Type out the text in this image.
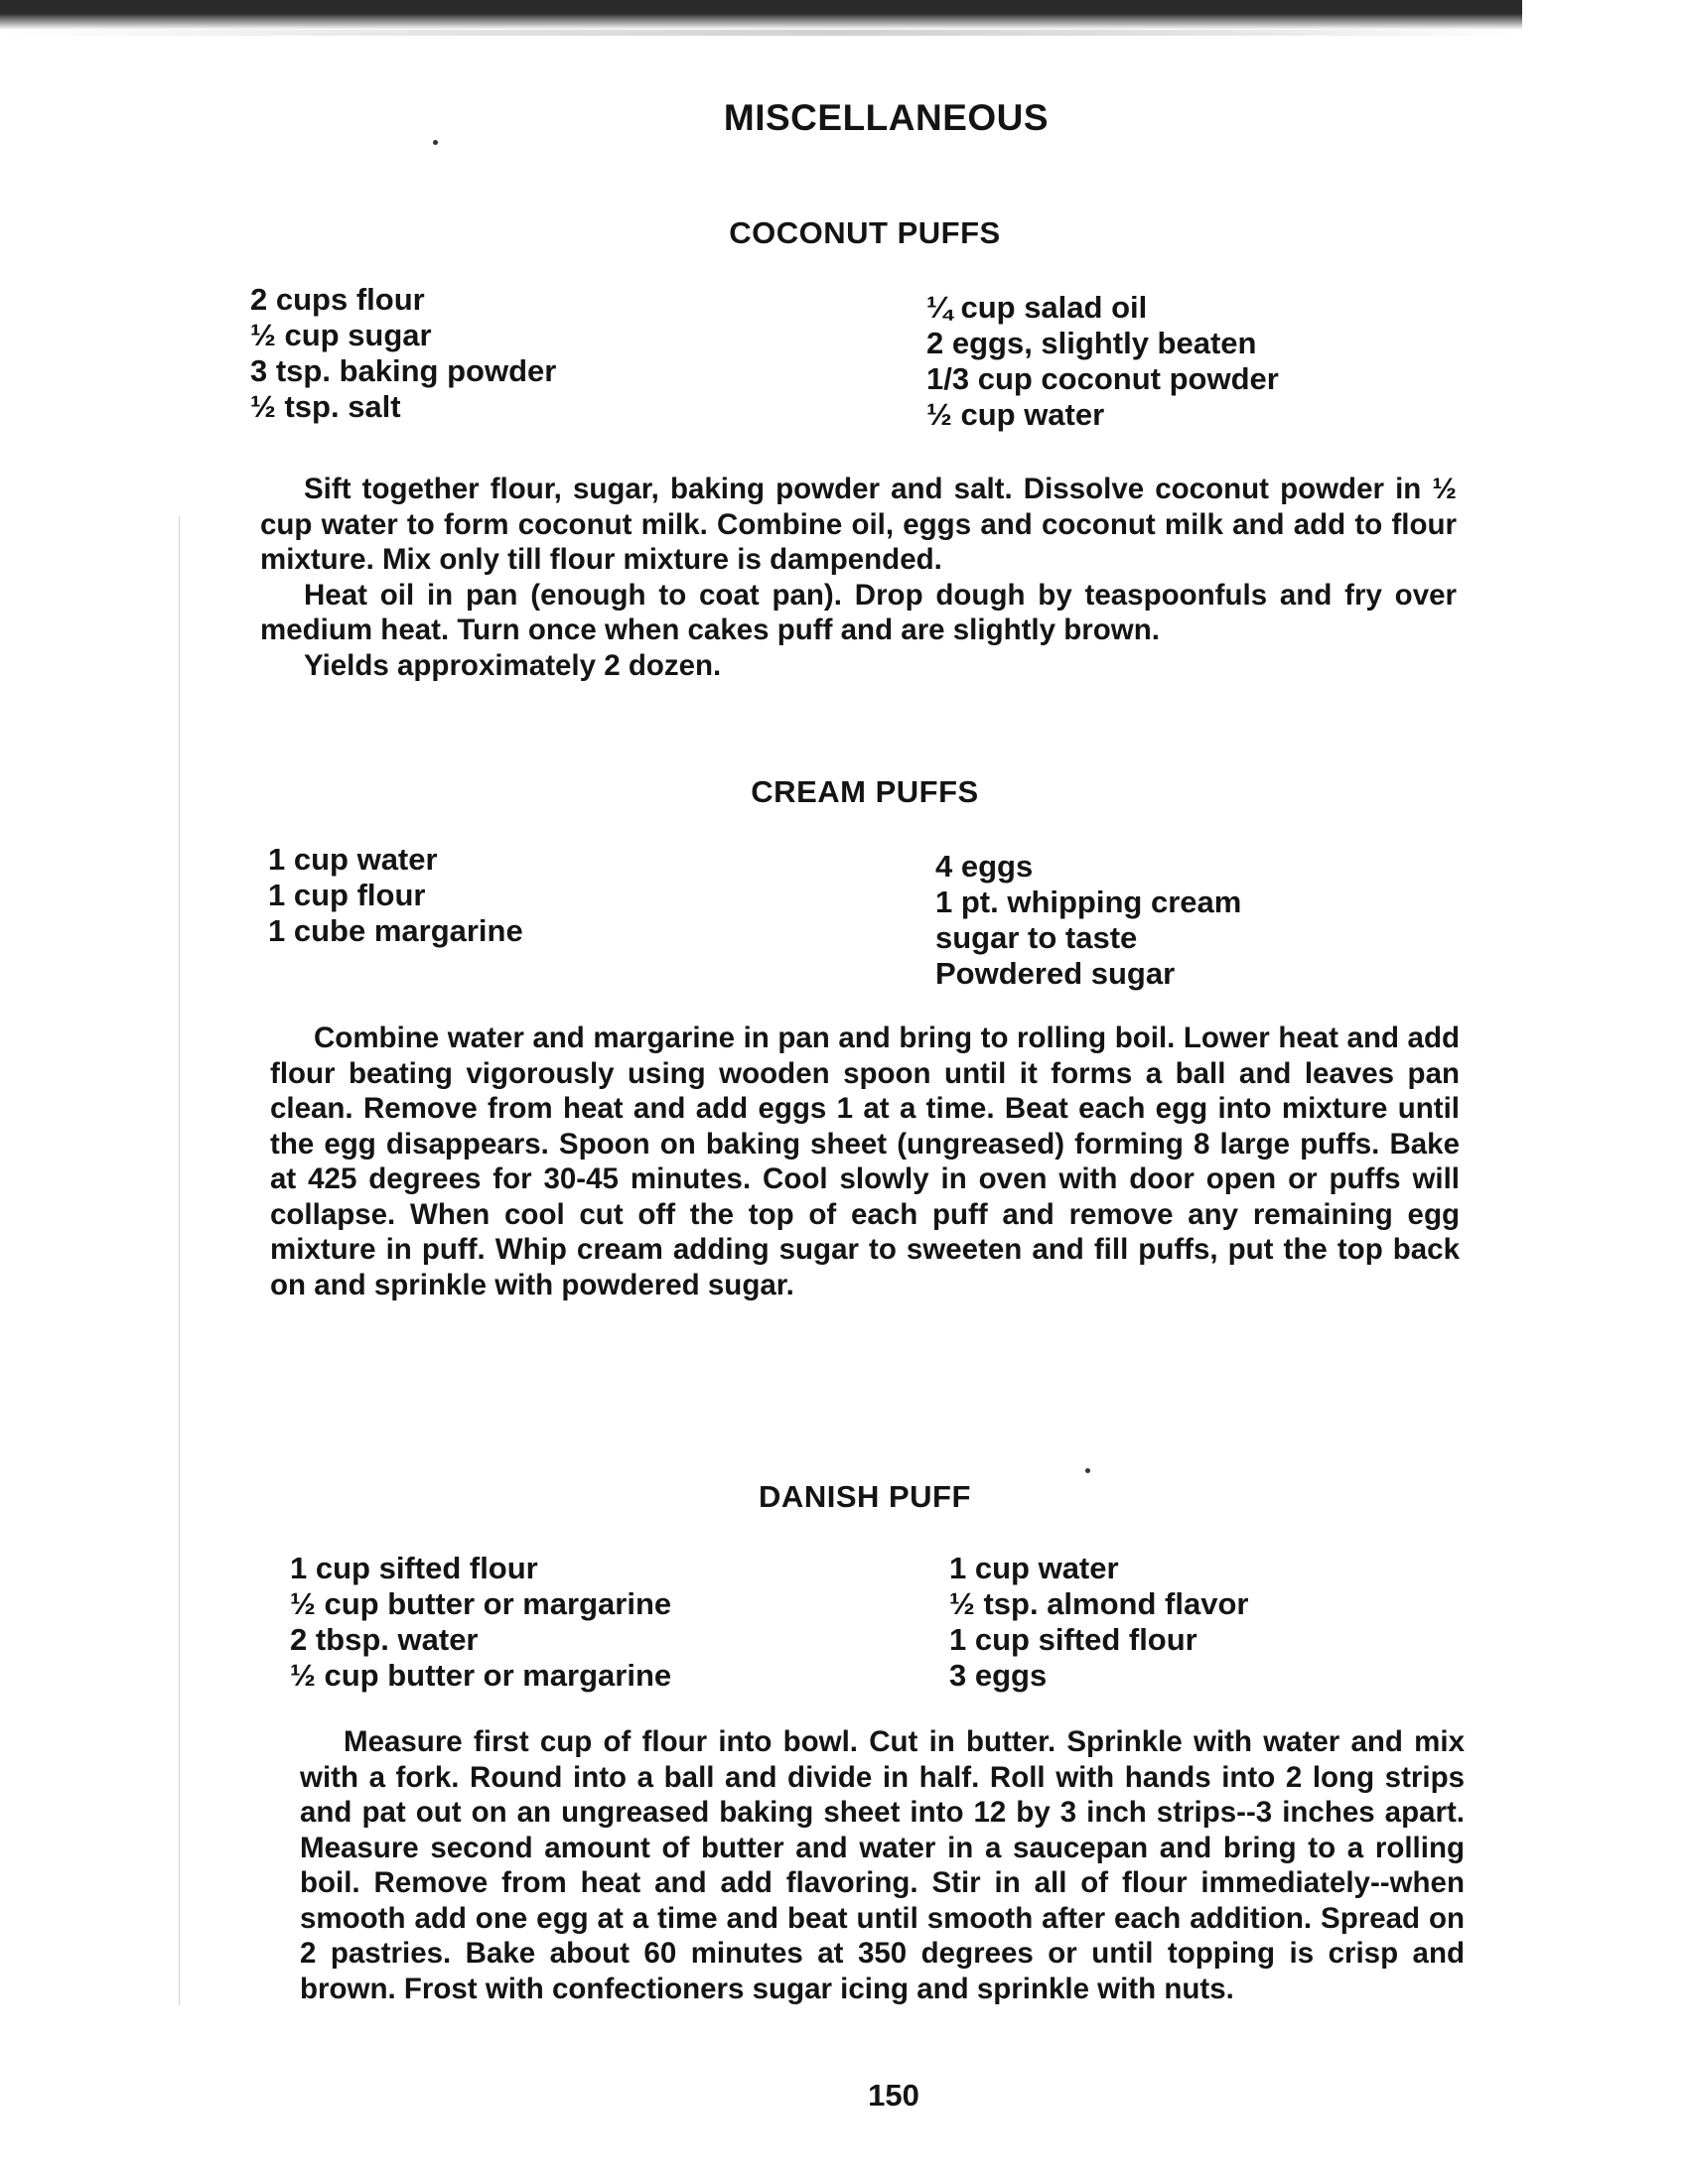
MISCELLANEOUS
COCONUT PUFFS
2 cups flour
½ cup sugar
3 tsp. baking powder
½ tsp. salt
¼ cup salad oil
2 eggs, slightly beaten
1/3 cup coconut powder
½ cup water

Sift together flour, sugar, baking powder and salt. Dissolve coconut powder in ½ cup water to form coconut milk. Combine oil, eggs and coconut milk and add to flour mixture. Mix only till flour mixture is dampended.

Heat oil in pan (enough to coat pan). Drop dough by teaspoonfuls and fry over medium heat. Turn once when cakes puff and are slightly brown.

Yields approximately 2 dozen.

CREAM PUFFS
1 cup water
1 cup flour
1 cube margarine
4 eggs
1 pt. whipping cream
sugar to taste
Powdered sugar

Combine water and margarine in pan and bring to rolling boil. Lower heat and add flour beating vigorously using wooden spoon until it forms a ball and leaves pan clean. Remove from heat and add eggs 1 at a time. Beat each egg into mixture until the egg disappears. Spoon on baking sheet (ungreased) forming 8 large puffs. Bake at 425 degrees for 30-45 minutes. Cool slowly in oven with door open or puffs will collapse. When cool cut off the top of each puff and remove any remaining egg mixture in puff. Whip cream adding sugar to sweeten and fill puffs, put the top back on and sprinkle with powdered sugar.

DANISH PUFF
1 cup sifted flour
½ cup butter or margarine
2 tbsp. water
½ cup butter or margarine
1 cup water
½ tsp. almond flavor
1 cup sifted flour
3 eggs

Measure first cup of flour into bowl. Cut in butter. Sprinkle with water and mix with a fork. Round into a ball and divide in half. Roll with hands into 2 long strips and pat out on an ungreased baking sheet into 12 by 3 inch strips--3 inches apart. Measure second amount of butter and water in a saucepan and bring to a rolling boil. Remove from heat and add flavoring. Stir in all of flour immediately--when smooth add one egg at a time and beat until smooth after each addition. Spread on 2 pastries. Bake about 60 minutes at 350 degrees or until topping is crisp and brown. Frost with confectioners sugar icing and sprinkle with nuts.

150
